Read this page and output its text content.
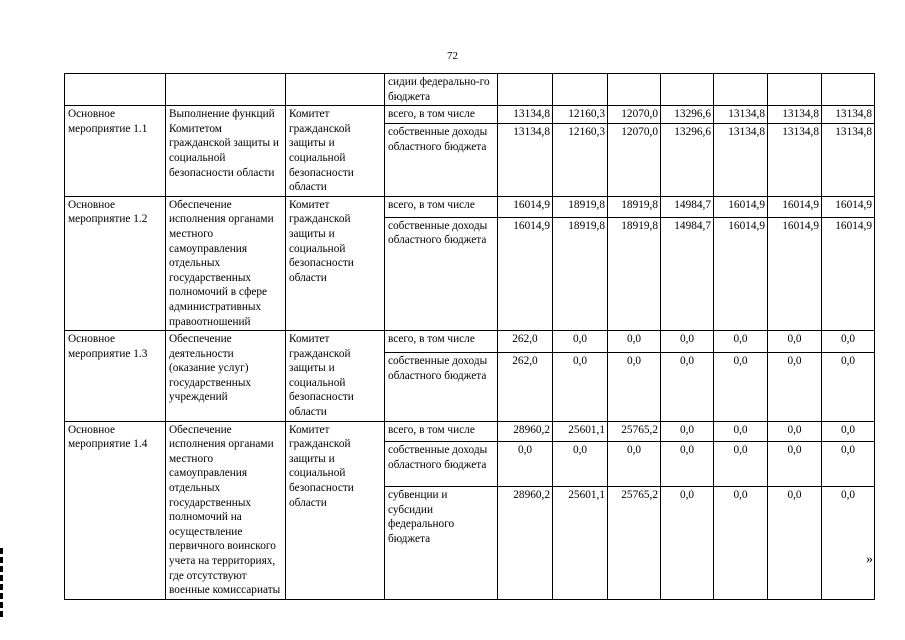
72
			сидии федерально-го бюджета							
Основное мероприятие 1.1	Выполнение функций Комитетом гражданской защиты и социальной безопасности области	Комитет гражданской защиты и социальной безопасности области	всего, в том числе	13134,8	12160,3	12070,0	13296,6	13134,8	13134,8	13134,8
			собственные доходы областного бюджета	13134,8	12160,3	12070,0	13296,6	13134,8	13134,8	13134,8
Основное мероприятие 1.2	Обеспечение исполнения органами местного самоуправления отдельных государственных полномочий в сфере административных правоотношений	Комитет гражданской защиты и социальной безопасности области	всего, в том числе	16014,9	18919,8	18919,8	14984,7	16014,9	16014,9	16014,9
			собственные доходы областного бюджета	16014,9	18919,8	18919,8	14984,7	16014,9	16014,9	16014,9
Основное мероприятие 1.3	Обеспечение деятельности (оказание услуг) государственных учреждений	Комитет гражданской защиты и социальной безопасности области	всего, в том числе	262,0	0,0	0,0	0,0	0,0	0,0	0,0
			собственные доходы областного бюджета	262,0	0,0	0,0	0,0	0,0	0,0	0,0
Основное мероприятие 1.4	Обеспечение исполнения органами местного самоуправления отдельных государственных полномочий на осуществление первичного воинского учета на территориях, где отсутствуют военные комиссариаты	Комитет гражданской защиты и социальной безопасности области	всего, в том числе	28960,2	25601,1	25765,2	0,0	0,0	0,0	0,0
			собственные доходы областного бюджета	0,0	0,0	0,0	0,0	0,0	0,0	0,0
			субвенции и субсидии федерального бюджета	28960,2	25601,1	25765,2	0,0	0,0	0,0	0,0
»
